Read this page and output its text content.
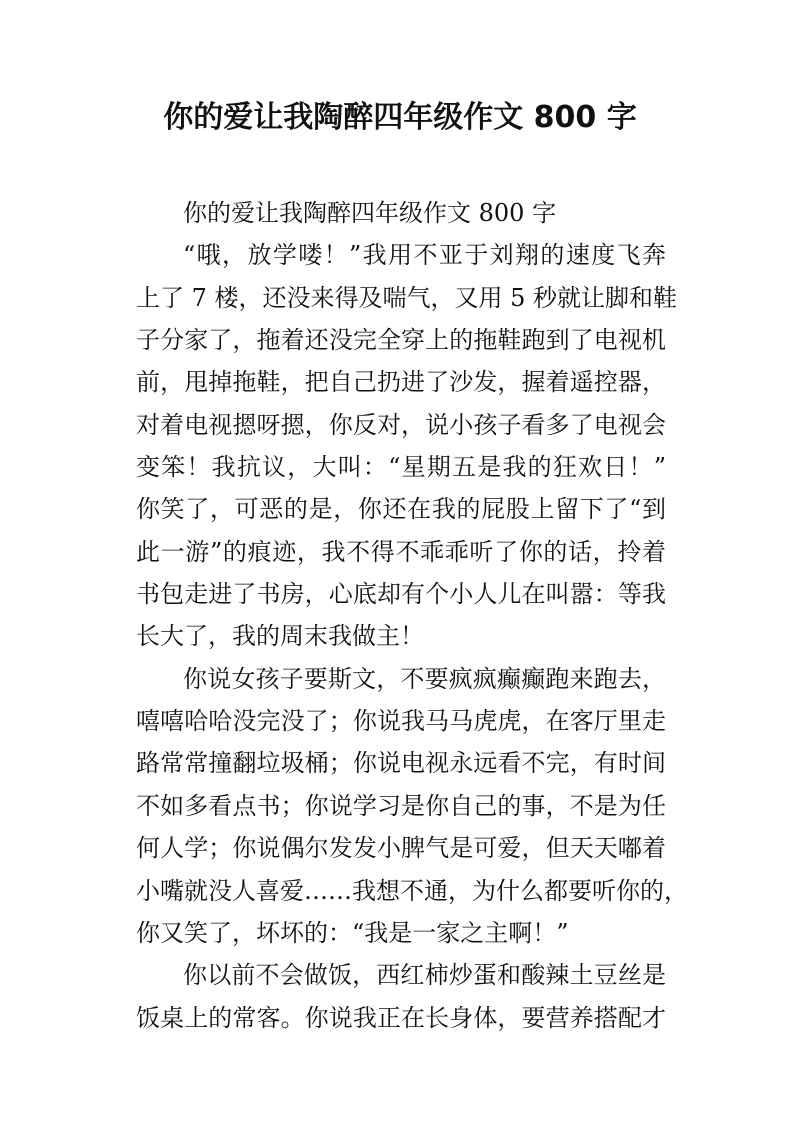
你的爱让我陶醉四年级作文 800 字
你的爱让我陶醉四年级作文 800 字
“哦，放学喽！”我用不亚于刘翔的速度飞奔
上了 7 楼，还没来得及喘气，又用 5 秒就让脚和鞋
子分家了，拖着还没完全穿上的拖鞋跑到了电视机
前，甩掉拖鞋，把自己扔进了沙发，握着遥控器，
对着电视摁呀摁，你反对，说小孩子看多了电视会
变笨！我抗议，大叫：“星期五是我的狂欢日！”
你笑了，可恶的是，你还在我的屁股上留下了“到
此一游”的痕迹，我不得不乖乖听了你的话，拎着
书包走进了书房，心底却有个小人儿在叫嚣：等我
长大了，我的周末我做主！
你说女孩子要斯文，不要疯疯癫癫跑来跑去，
嘻嘻哈哈没完没了；你说我马马虎虎，在客厅里走
路常常撞翻垃圾桶；你说电视永远看不完，有时间
不如多看点书；你说学习是你自己的事，不是为任
何人学；你说偶尔发发小脾气是可爱，但天天嘟着
小嘴就没人喜爱……我想不通，为什么都要听你的，
你又笑了，坏坏的：“我是一家之主啊！”
你以前不会做饭，西红柿炒蛋和酸辣土豆丝是
饭桌上的常客。你说我正在长身体，要营养搭配才
